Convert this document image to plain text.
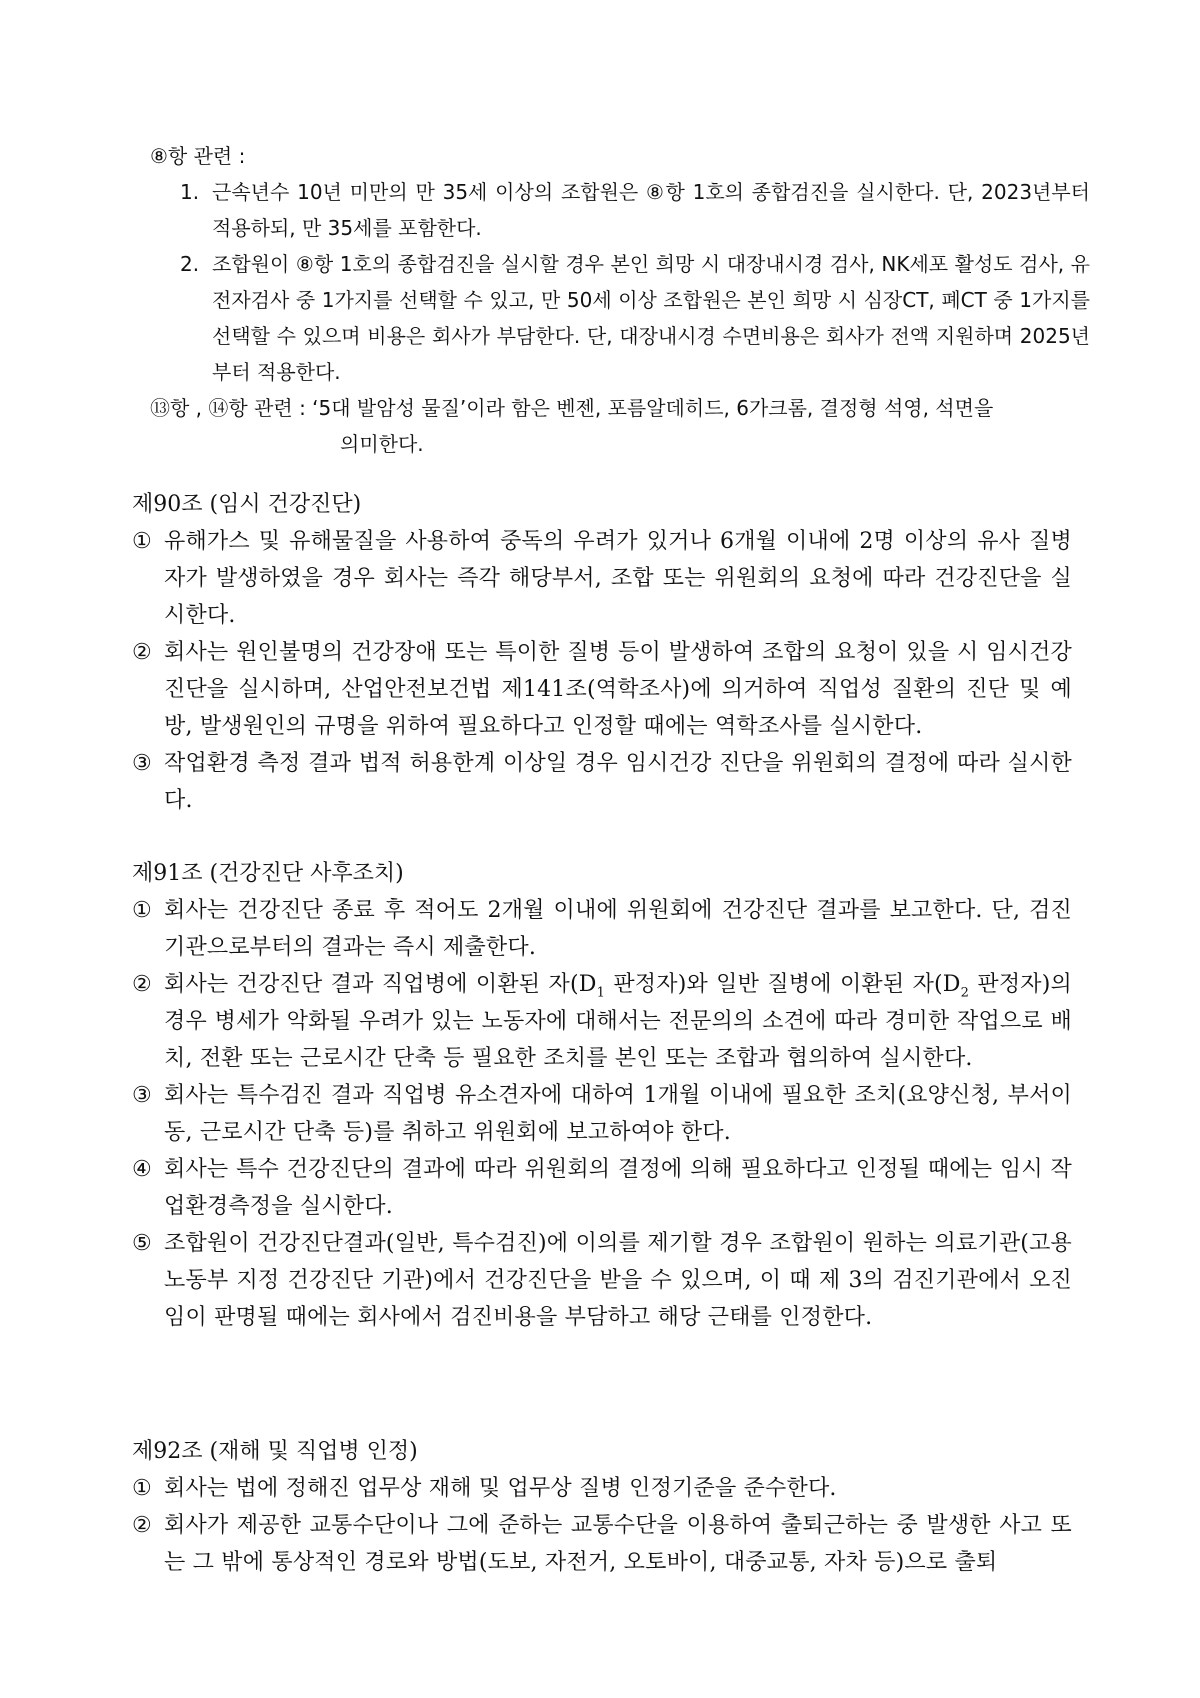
⑧항 관련 :

1. 근속년수 10년 미만의 만 35세 이상의 조합원은 ⑧항 1호의 종합검진을 실시한다. 단, 2023년부터 적용하되, 만 35세를 포함한다.
2. 조합원이 ⑧항 1호의 종합검진을 실시할 경우 본인 희망 시 대장내시경 검사, NK세포 활성도 검사, 유전자검사 중 1가지를 선택할 수 있고, 만 50세 이상 조합원은 본인 희망 시 심장CT, 폐CT 중 1가지를 선택할 수 있으며 비용은 회사가 부담한다. 단, 대장내시경 수면비용은 회사가 전액 지원하며 2025년부터 적용한다.
⑬항 , ⑭항 관련 : ‘5대 발암성 물질’이라 함은 벤젠, 포름알데히드, 6가크롬, 결정형 석영, 석면을
의미한다.
제90조 (임시 건강진단)
① 유해가스 및 유해물질을 사용하여 중독의 우려가 있거나 6개월 이내에 2명 이상의 유사 질병자가 발생하였을 경우 회사는 즉각 해당부서, 조합 또는 위원회의 요청에 따라 건강진단을 실시한다.
② 회사는 원인불명의 건강장애 또는 특이한 질병 등이 발생하여 조합의 요청이 있을 시 임시건강진단을 실시하며, 산업안전보건법 제141조(역학조사)에 의거하여 직업성 질환의 진단 및 예방, 발생원인의 규명을 위하여 필요하다고 인정할 때에는 역학조사를 실시한다.
③ 작업환경 측정 결과 법적 허용한계 이상일 경우 임시건강 진단을 위원회의 결정에 따라 실시한다.
제91조 (건강진단 사후조치)
① 회사는 건강진단 종료 후 적어도 2개월 이내에 위원회에 건강진단 결과를 보고한다. 단, 검진기관으로부터의 결과는 즉시 제출한다.
② 회사는 건강진단 결과 직업병에 이환된 자($D_1$ 판정자)와 일반 질병에 이환된 자($D_2$ 판정자)의 경우 병세가 악화될 우려가 있는 노동자에 대해서는 전문의의 소견에 따라 경미한 작업으로 배치, 전환 또는 근로시간 단축 등 필요한 조치를 본인 또는 조합과 협의하여 실시한다.
③ 회사는 특수검진 결과 직업병 유소견자에 대하여 1개월 이내에 필요한 조치(요양신청, 부서이동, 근로시간 단축 등)를 취하고 위원회에 보고하여야 한다.
④ 회사는 특수 건강진단의 결과에 따라 위원회의 결정에 의해 필요하다고 인정될 때에는 임시 작업환경측정을 실시한다.
⑤ 조합원이 건강진단결과(일반, 특수검진)에 이의를 제기할 경우 조합원이 원하는 의료기관(고용노동부 지정 건강진단 기관)에서 건강진단을 받을 수 있으며, 이 때 제 3의 검진기관에서 오진임이 판명될 때에는 회사에서 검진비용을 부담하고 해당 근태를 인정한다.
제92조 (재해 및 직업병 인정)
① 회사는 법에 정해진 업무상 재해 및 업무상 질병 인정기준을 준수한다.
② 회사가 제공한 교통수단이나 그에 준하는 교통수단을 이용하여 출퇴근하는 중 발생한 사고 또는 그 밖에 통상적인 경로와 방법(도보, 자전거, 오토바이, 대중교통, 자차 등)으로 출퇴
